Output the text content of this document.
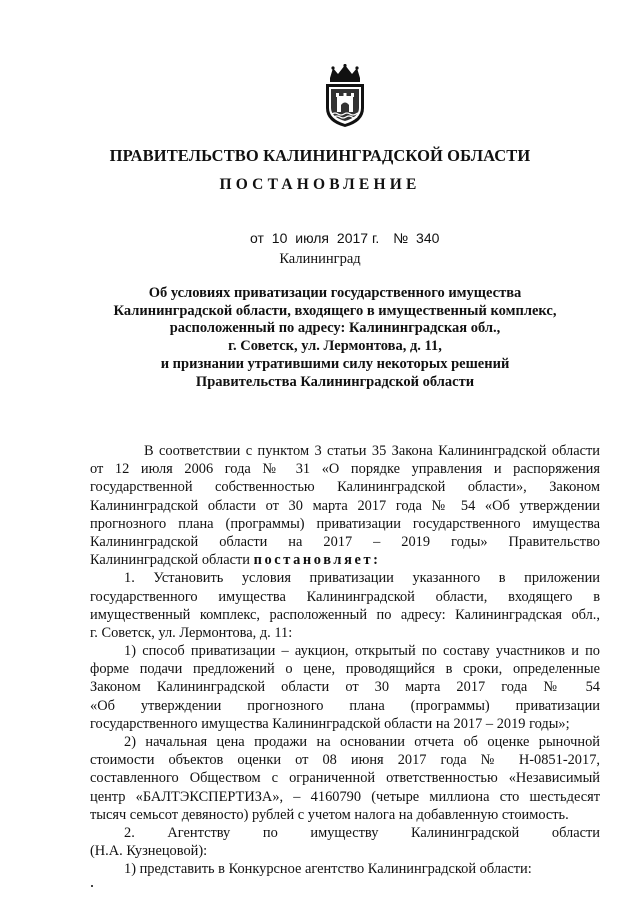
ПРАВИТЕЛЬСТВО КАЛИНИНГРАДСКОЙ ОБЛАСТИ
ПОСТАНОВЛЕНИЕ
от 10 июля 2017 г. № 340
Калининград
Об условиях приватизации государственного имущества
Калининградской области, входящего в имущественный комплекс,
расположенный по адресу: Калининградская обл.,
г. Советск, ул. Лермонтова, д. 11,
и признании утратившими силу некоторых решений
Правительства Калининградской области
В соответствии с пунктом 3 статьи 35 Закона Калининградской области
от 12 июля 2006 года № 31 «О порядке управления и распоряжения
государственной собственностью Калининградской области», Законом
Калининградской области от 30 марта 2017 года № 54 «Об утверждении
прогнозного плана (программы) приватизации государственного имущества
Калининградской области на 2017 – 2019 годы» Правительство
Калининградской области постановляет:
1. Установить условия приватизации указанного в приложении
государственного имущества Калининградской области, входящего в
имущественный комплекс, расположенный по адресу: Калининградская обл.,
г. Советск, ул. Лермонтова, д. 11:
1) способ приватизации – аукцион, открытый по составу участников и по
форме подачи предложений о цене, проводящийся в сроки, определенные
Законом Калининградской области от 30 марта 2017 года № 54
«Об утверждении прогнозного плана (программы) приватизации
государственного имущества Калининградской области на 2017 – 2019 годы»;
2) начальная цена продажи на основании отчета об оценке рыночной
стоимости объектов оценки от 08 июня 2017 года № Н-0851-2017,
составленного Обществом с ограниченной ответственностью «Независимый
центр «БАЛТЭКСПЕРТИЗА», – 4160790 (четыре миллиона сто шестьдесят
тысяч семьсот девяносто) рублей с учетом налога на добавленную стоимость.
2. Агентству по имуществу Калининградской области
(Н.А. Кузнецовой):
1) представить в Конкурсное агентство Калининградской области:
